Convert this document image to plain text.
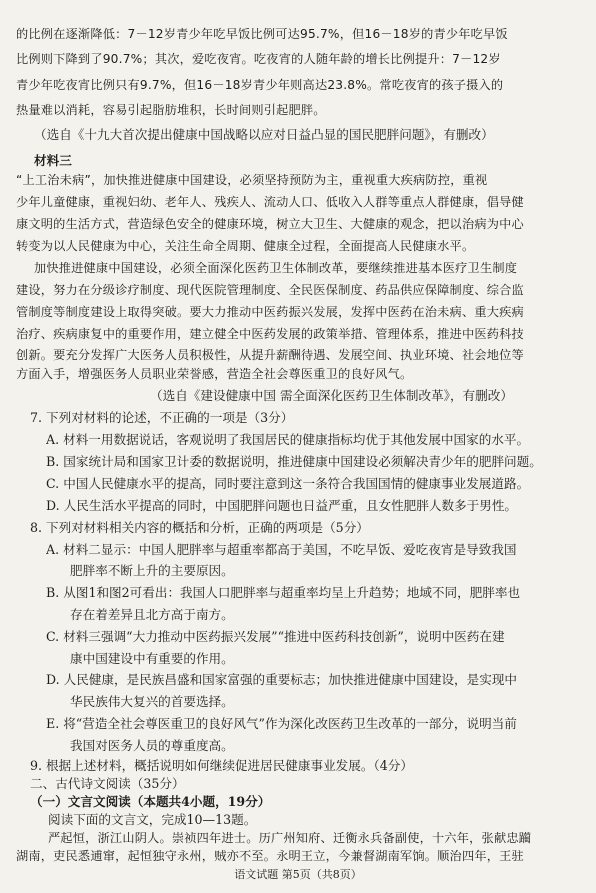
的比例在逐渐降低：7－12岁青少年吃早饭比例可达95.7%，但16－18岁的青少年吃早饭
比例则下降到了90.7%；其次，爱吃夜宵。吃夜宵的人随年龄的增长比例提升：7－12岁
青少年吃夜宵比例只有9.7%，但16－18岁青少年则高达23.8%。常吃夜宵的孩子摄入的
热量难以消耗，容易引起脂肪堆积，长时间则引起肥胖。
（选自《十九大首次提出健康中国战略以应对日益凸显的国民肥胖问题》，有删改）
材料三
“上工治未病”，加快推进健康中国建设，必须坚持预防为主，重视重大疾病防控，重视
少年儿童健康，重视妇幼、老年人、残疾人、流动人口、低收入人群等重点人群健康，倡导健
康文明的生活方式，营造绿色安全的健康环境，树立大卫生、大健康的观念，把以治病为中心
转变为以人民健康为中心，关注生命全周期、健康全过程，全面提高人民健康水平。
加快推进健康中国建设，必须全面深化医药卫生体制改革，要继续推进基本医疗卫生制度
建设，努力在分级诊疗制度、现代医院管理制度、全民医保制度、药品供应保障制度、综合监
管制度等制度建设上取得突破。要大力推动中医药振兴发展，发挥中医药在治未病、重大疾病
治疗、疾病康复中的重要作用，建立健全中医药发展的政策举措、管理体系，推进中医药科技
创新。要充分发挥广大医务人员积极性，从提升薪酬待遇、发展空间、执业环境、社会地位等
方面入手，增强医务人员职业荣誉感，营造全社会尊医重卫的良好风气。
（选自《建设健康中国 需全面深化医药卫生体制改革》，有删改）
7. 下列对材料的论述，不正确的一项是（3分）
A. 材料一用数据说话，客观说明了我国居民的健康指标均优于其他发展中国家的水平。
B. 国家统计局和国家卫计委的数据说明，推进健康中国建设必须解决青少年的肥胖问题。
C. 中国人民健康水平的提高，同时要注意到这一条符合我国国情的健康事业发展道路。
D. 人民生活水平提高的同时，中国肥胖问题也日益严重，且女性肥胖人数多于男性。
8. 下列对材料相关内容的概括和分析，正确的两项是（5分）
A. 材料二显示：中国人肥胖率与超重率都高于美国，不吃早饭、爱吃夜宵是导致我国
肥胖率不断上升的主要原因。
B. 从图1和图2可看出：我国人口肥胖率与超重率均呈上升趋势；地域不同，肥胖率也
存在着差异且北方高于南方。
C. 材料三强调“大力推动中医药振兴发展”“推进中医药科技创新”，说明中医药在建
康中国建设中有重要的作用。
D. 人民健康，是民族昌盛和国家富强的重要标志；加快推进健康中国建设，是实现中
华民族伟大复兴的首要选择。
E. 将“营造全社会尊医重卫的良好风气”作为深化改医药卫生改革的一部分，说明当前
我国对医务人员的尊重度高。
9. 根据上述材料，概括说明如何继续促进居民健康事业发展。（4分）
二、古代诗文阅读（35分）
（一）文言文阅读（本题共4小题，19分）
阅读下面的文言文，完成10—13题。
严起恒，浙江山阴人。崇祯四年进士。历广州知府、迁衡永兵备副使，十六年，张献忠躏
湖南，吏民悉逋窜，起恒独守永州，贼亦不至。永明王立，今兼督湖南军饷。顺治四年，王驻
语文试题 第5页（共8页）
